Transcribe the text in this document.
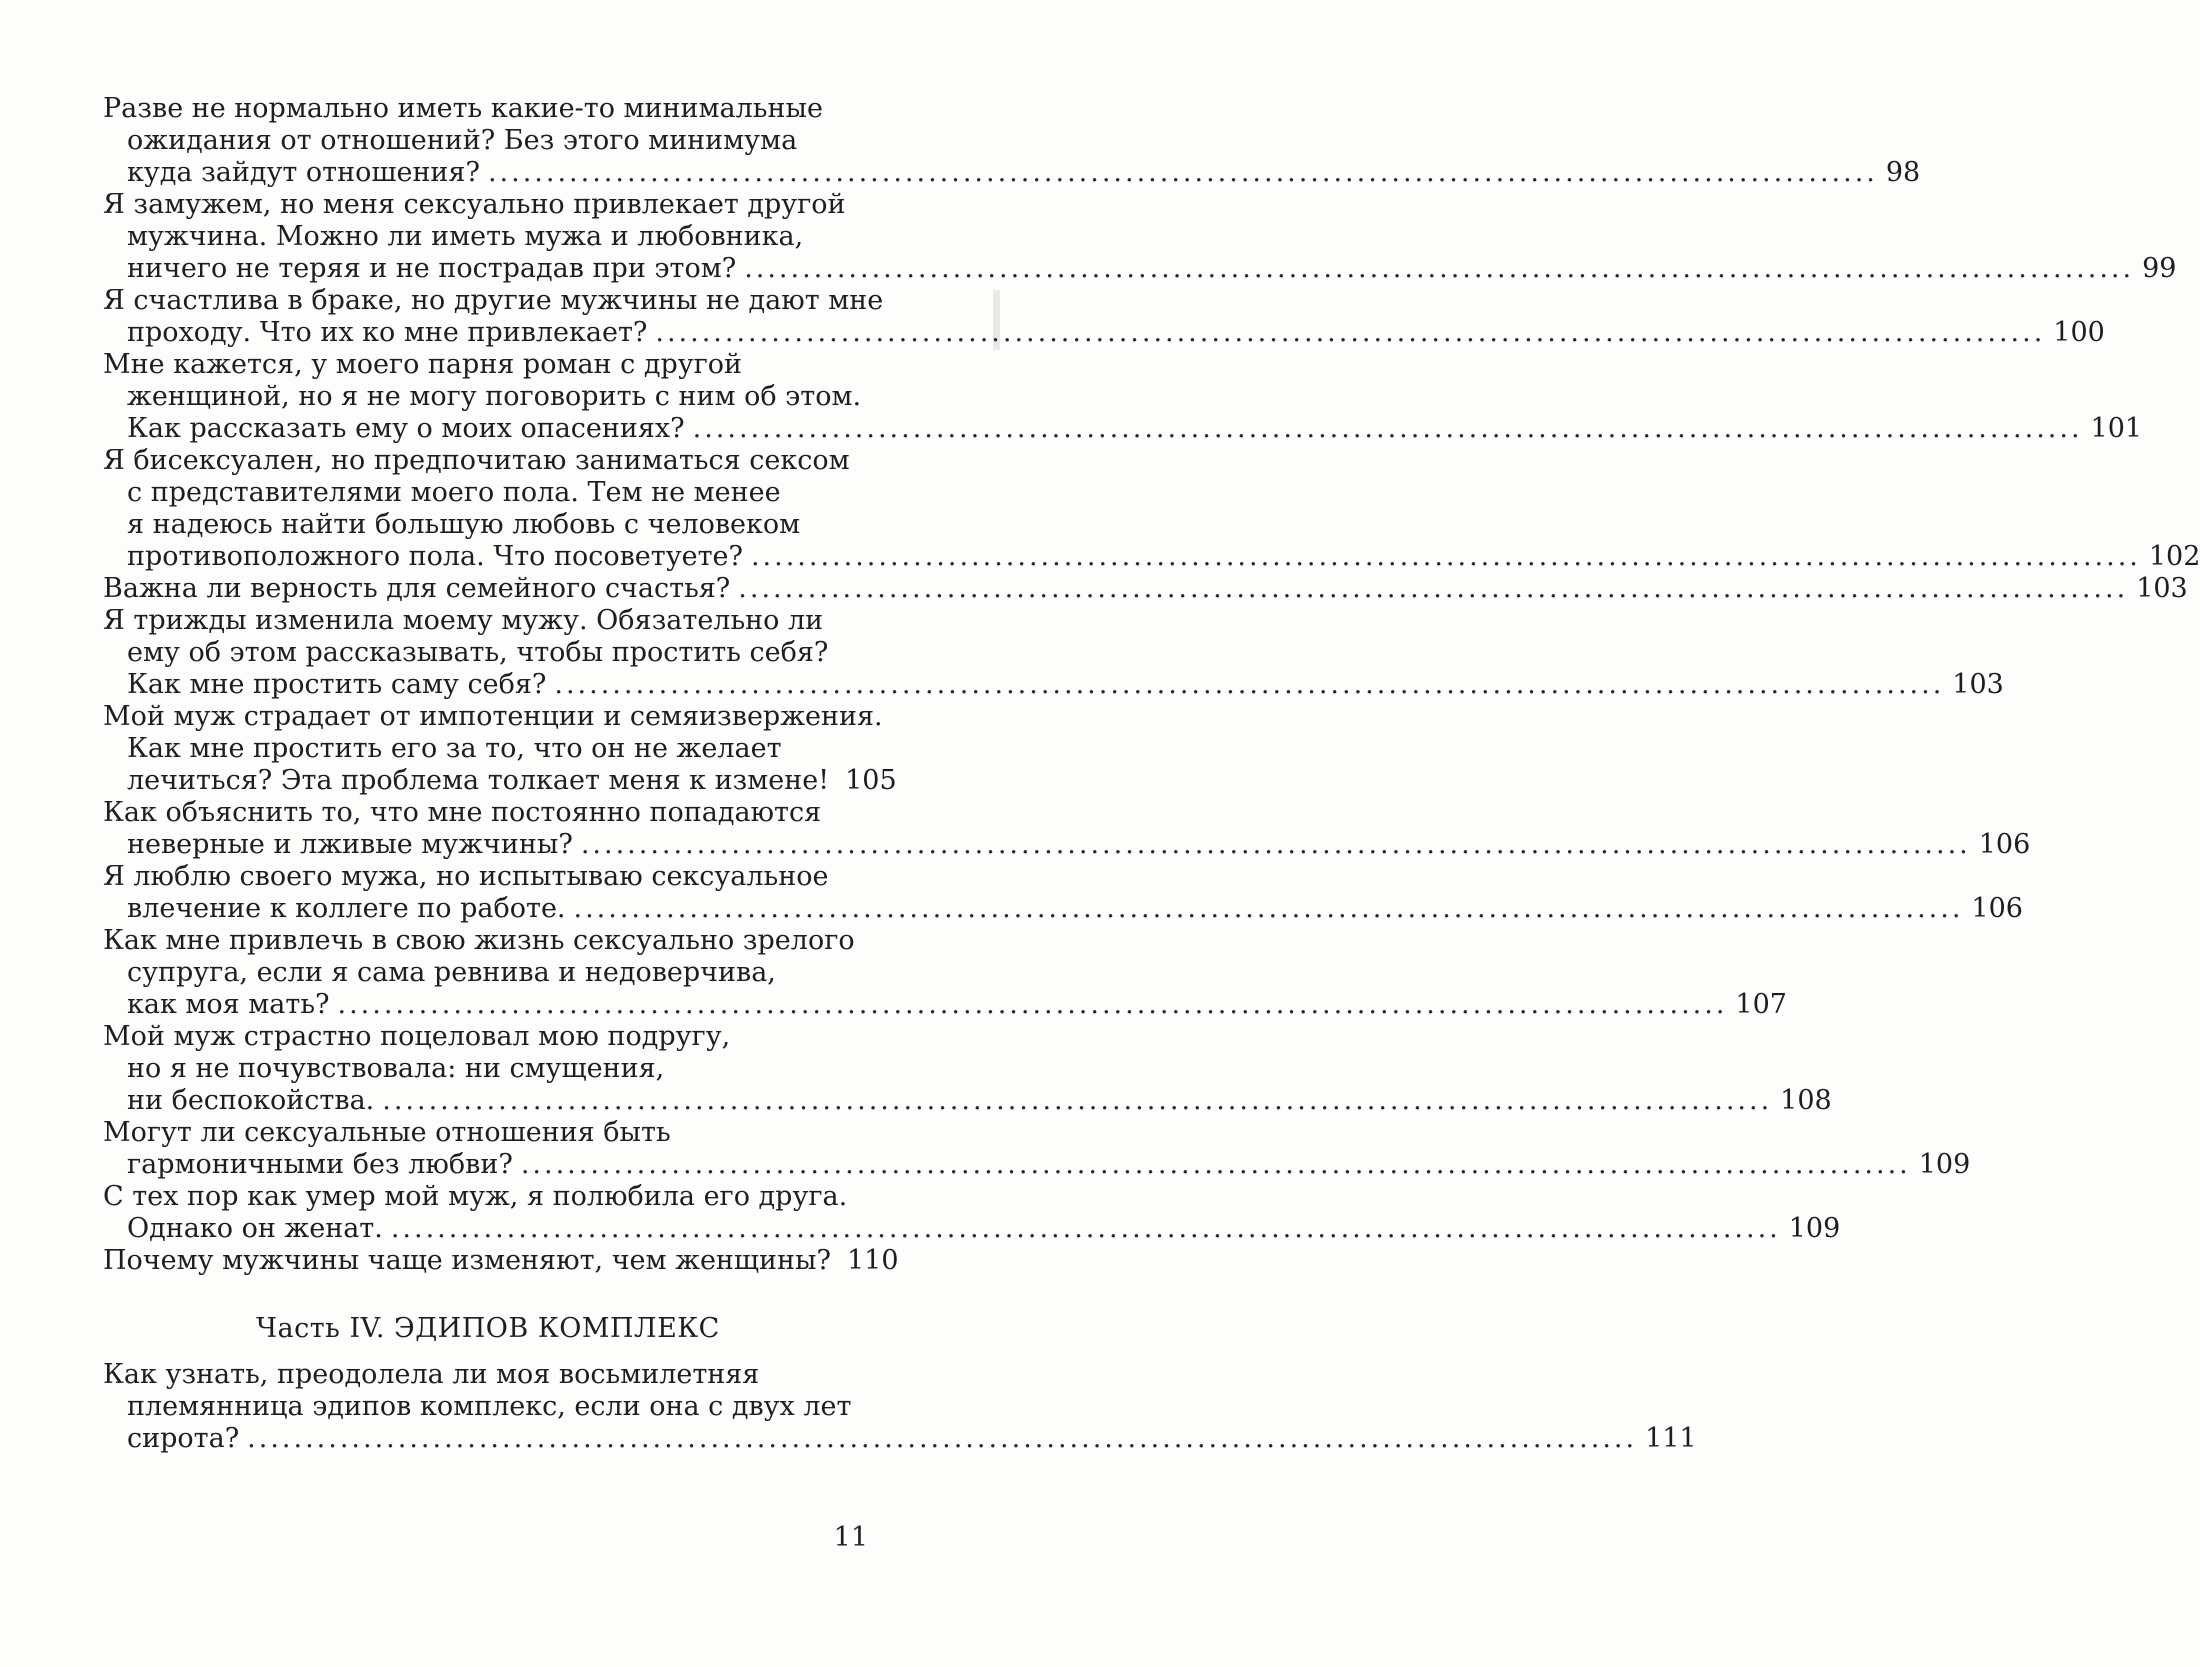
Разве не нормально иметь какие-то минимальные
ожидания от отношений? Без этого минимума
куда зайдут отношения? ........................................................................................................................ 98
Я замужем, но меня сексуально привлекает другой
мужчина. Можно ли иметь мужа и любовника,
ничего не теряя и не пострадав при этом? ........................................................................................................................ 99
Я счастлива в браке, но другие мужчины не дают мне
проходу. Что их ко мне привлекает? ........................................................................................................................ 100
Мне кажется, у моего парня роман с другой
женщиной, но я не могу поговорить с ним об этом.
Как рассказать ему о моих опасениях? ........................................................................................................................ 101
Я бисексуален, но предпочитаю заниматься сексом
с представителями моего пола. Тем не менее
я надеюсь найти большую любовь с человеком
противоположного пола. Что посоветуете? ........................................................................................................................ 102
Важна ли верность для семейного счастья? ........................................................................................................................ 103
Я трижды изменила моему мужу. Обязательно ли
ему об этом рассказывать, чтобы простить себя?
Как мне простить саму себя? ........................................................................................................................ 103
Мой муж страдает от импотенции и семяизвержения.
Как мне простить его за то, что он не желает
лечиться? Эта проблема толкает меня к измене! 105
Как объяснить то, что мне постоянно попадаются
неверные и лживые мужчины? ........................................................................................................................ 106
Я люблю своего мужа, но испытываю сексуальное
влечение к коллеге по работе. ........................................................................................................................ 106
Как мне привлечь в свою жизнь сексуально зрелого
супруга, если я сама ревнива и недоверчива,
как моя мать? ........................................................................................................................ 107
Мой муж страстно поцеловал мою подругу,
но я не почувствовала: ни смущения,
ни беспокойства. ........................................................................................................................ 108
Могут ли сексуальные отношения быть
гармоничными без любви? ........................................................................................................................ 109
С тех пор как умер мой муж, я полюбила его друга.
Однако он женат. ........................................................................................................................ 109
Почему мужчины чаще изменяют, чем женщины? 110
Часть IV. ЭДИПОВ КОМПЛЕКС
Как узнать, преодолела ли моя восьмилетняя
племянница эдипов комплекс, если она с двух лет
сирота? ........................................................................................................................ 111
11
